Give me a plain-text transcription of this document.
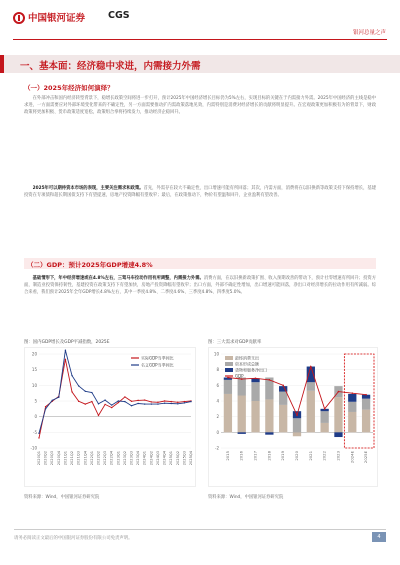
中国银河证券 CGS
银河总量之声
一、基本面：经济稳中求进，内需接力外需
（一）2025年经济如何演绎？
在外部冲击和国内经济转型背景下，稳增长政策空间将进一步打开，预计2025年中国经济增长目标仍为5%左右，实现目标的关键在于内需接力外需。2025年中国经济的主线是稳中求进，一方面需要应对外部环境变化带来的不确定性，另一方面需要推动扩内需政策落地见效，内需特别是消费对经济增长的贡献将明显提升。在宏观政策更加积极有为的背景下，财政政策将更加积极、货币政策适度宽松，政策组合拳将持续发力，推动经济企稳回升。
2025年可以期待资本市场的表现，主要关注需求和政策。首先，外需存在较大不确定性，出口增速可能有所回落；其次，内需方面，消费将在以旧换新等政策支持下保持增长，基建投资在专项债和超长期国债支持下有望提速，房地产投资降幅有望收窄；最后，在政策推动下，物价有望温和回升，企业盈利有望改善。
（二）GDP：预计2025年GDP增速4.8%
基础情形下，年中经济增速或在4.8%左右，三驾马车拉动作用有所调整，内需接力外需。消费方面，在以旧换新政策扩围、收入预期改善的带动下，预计社零增速有所回升；投资方面，制造业投资保持韧性，基建投资在政策支持下有望加快，房地产投资降幅有望收窄；出口方面，外部不确定性增加，出口增速可能回落，净出口对经济增长的拉动作用有所减弱。综合来看，我们预计2025年全年GDP增长4.8%左右，其中一季度4.8%、二季度4.6%、三季度4.8%、四季度5.0%。
图：国内GDP增长及GDP平减指数，2025E	图：三大需求对GDP贡献率
-10
-5
0
5
10
15
20
2020Q1 2020Q2 2020Q3 2020Q4 2021Q1 2021Q2 2021Q3 2021Q4 2022Q1 2022Q2 2022Q3 2022Q4 2023Q1 2023Q2 2023Q3 2023Q4 2024Q1 2024Q2 2024Q3 2024Q4 2025Q1 2025Q2 2025Q3 2025Q4
实际GDP当季同比
名义GDP当季同比
-2
0
2
4
6
8
10
2015 2016 2017 2018 2019 2020 2021 2022 2023 2024E 2025E
最终消费支出
资本形成总额
货物和服务净出口
GDP
资料来源：Wind，中国银河证券研究院	资料来源：Wind，中国银河证券研究院
请务必阅读正文最后的中国银河证券股份有限公司免责声明。	4
